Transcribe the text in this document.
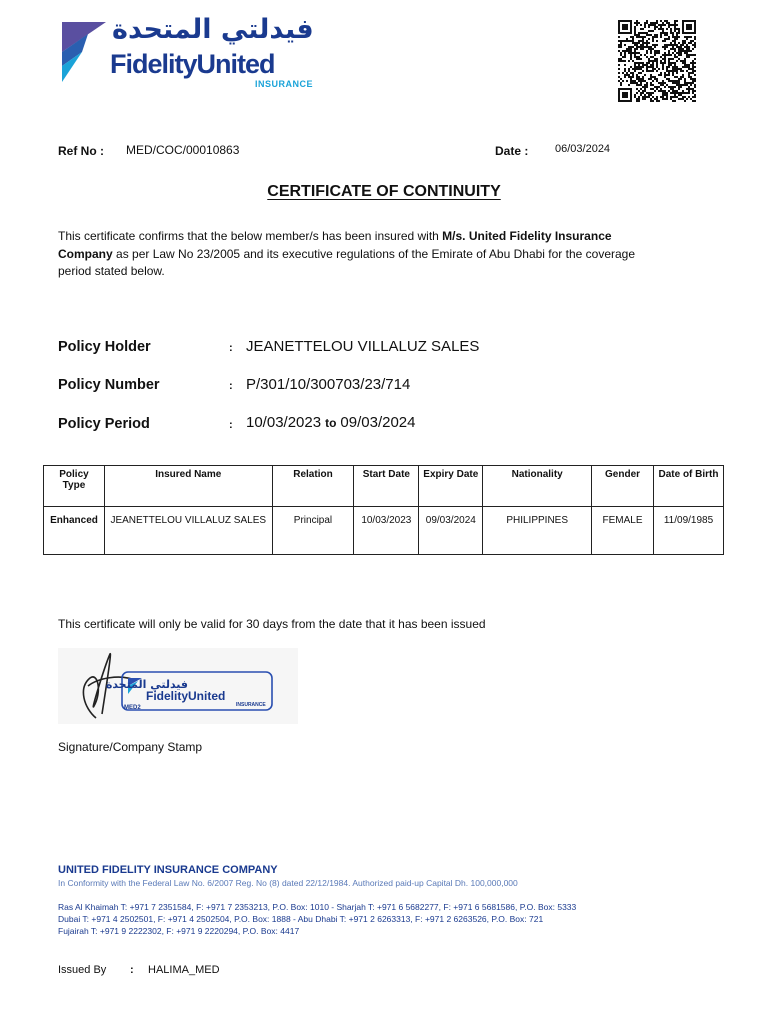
فيدلتي المتحدة
FidelityUnited
INSURANCE
Ref No : MED/COC/00010863	Date : 06/03/2024
CERTIFICATE OF CONTINUITY
This certificate confirms that the below member/s has been insured with M/s. United Fidelity Insurance Company as per Law No 23/2005 and its executive regulations of the Emirate of Abu Dhabi for the coverage period stated below.
Policy Holder	: JEANETTELOU VILLALUZ SALES
Policy Number	: P/301/10/300703/23/714
Policy Period	: 10/03/2023 to 09/03/2024
Policy Type	Insured Name	Relation	Start Date	Expiry Date	Nationality	Gender	Date of Birth
Enhanced	JEANETTELOU VILLALUZ SALES	Principal	10/03/2023	09/03/2024	PHILIPPINES	FEMALE	11/09/1985
This certificate will only be valid for 30 days from the date that it has been issued
فيدلتي المتحدة
FidelityUnited
INSURANCE
MED2
Signature/Company Stamp
UNITED FIDELITY INSURANCE COMPANY
In Conformity with the Federal Law No. 6/2007 Reg. No (8) dated 22/12/1984. Authorized paid-up Capital Dh. 100,000,000
Ras Al Khaimah T: +971 7 2351584, F: +971 7 2353213, P.O. Box: 1010 - Sharjah T: +971 6 5682277, F: +971 6 5681586, P.O. Box: 5333
Dubai T: +971 4 2502501, F: +971 4 2502504, P.O. Box: 1888 - Abu Dhabi T: +971 2 6263313, F: +971 2 6263526, P.O. Box: 721
Fujairah T: +971 9 2222302, F: +971 9 2220294, P.O. Box: 4417
Issued By : HALIMA_MED
